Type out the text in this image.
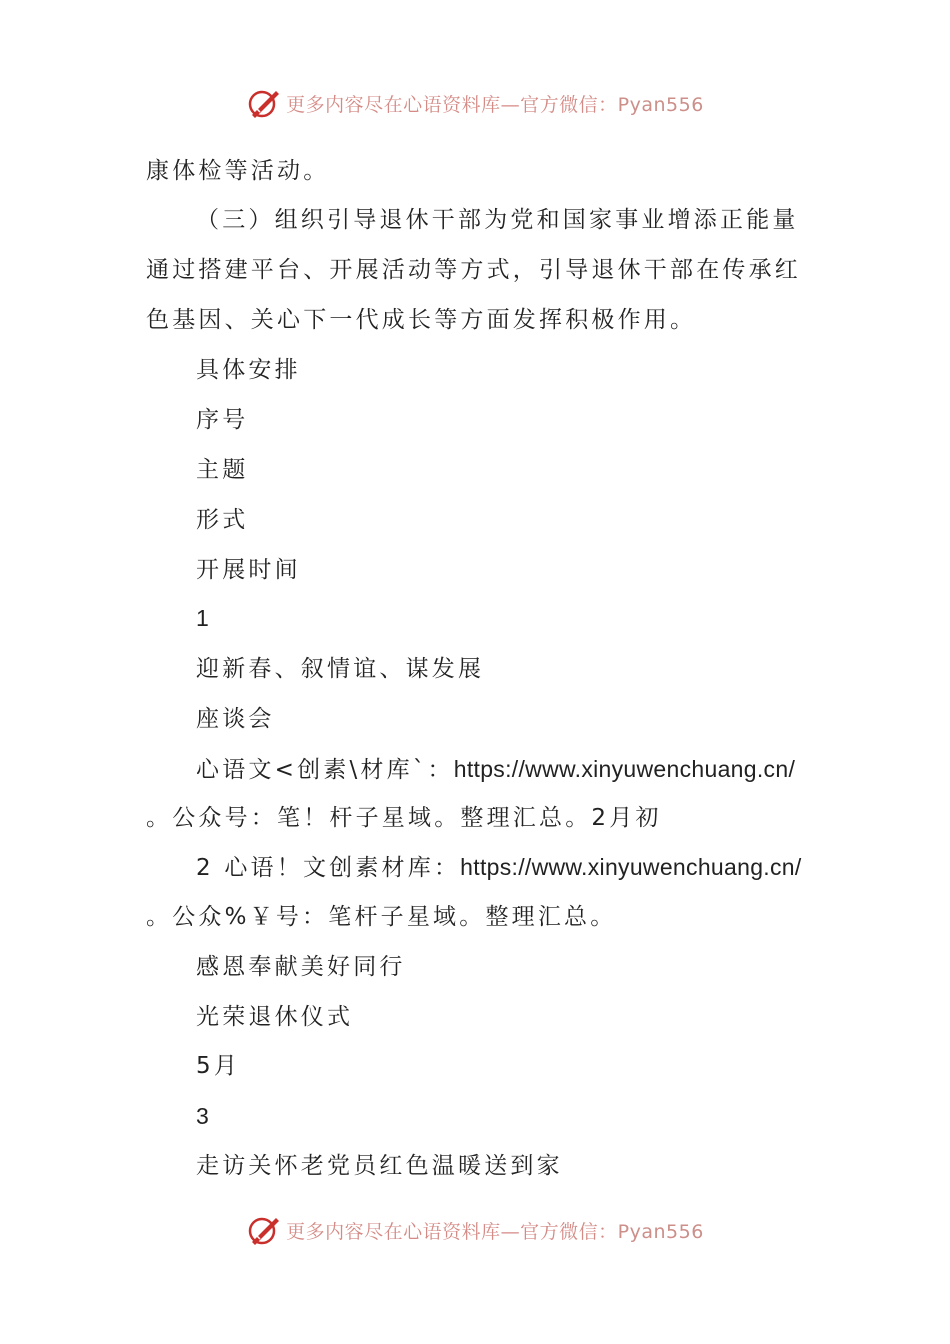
更多内容尽在心语资料库—官方微信：Pyan556
康体检等活动。
（三）组织引导退休干部为党和国家事业增添正能量
通过搭建平台、开展活动等方式，引导退休干部在传承红
色基因、关心下一代成长等方面发挥积极作用。
具体安排
序号
主题
形式
开展时间
1
迎新春、叙情谊、谋发展
座谈会
心语文<创素\材库`：https://www.xinyuwenchuang.cn/
。公众号：笔！杆子星域。整理汇总。2月初
2 心语！文创素材库：https://www.xinyuwenchuang.cn/
。公众%￥号：笔杆子星域。整理汇总。
感恩奉献美好同行
光荣退休仪式
5月
3
走访关怀老党员红色温暖送到家
更多内容尽在心语资料库—官方微信：Pyan556
